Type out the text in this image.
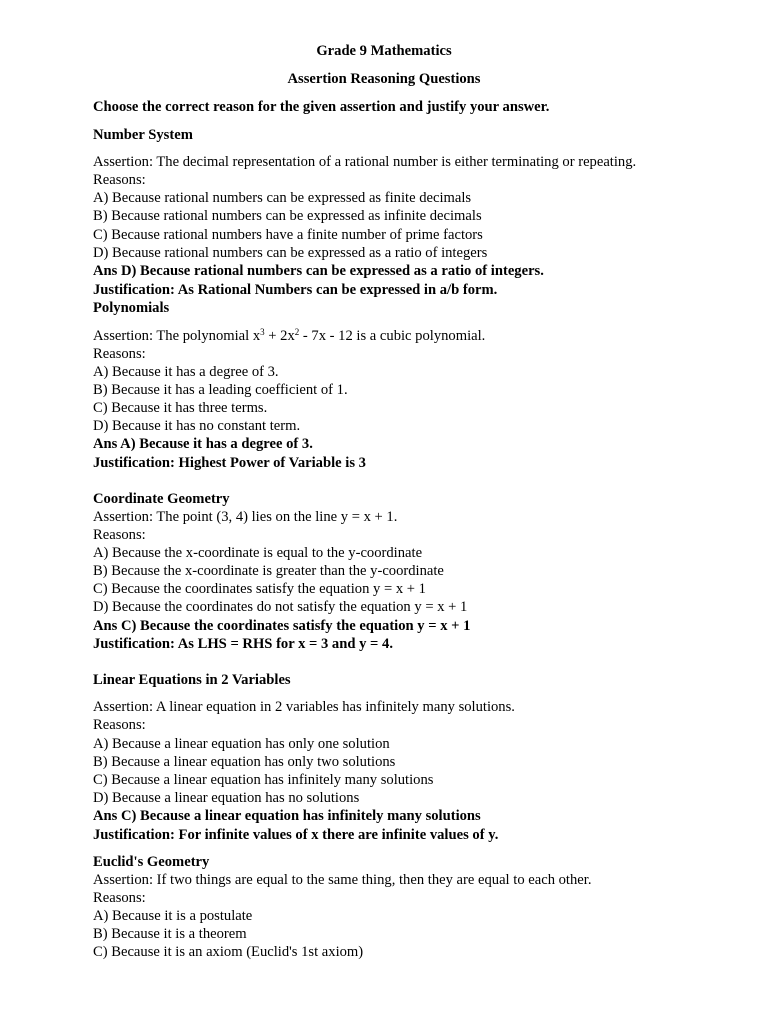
Grade 9 Mathematics
Assertion Reasoning Questions
Choose the correct reason for the given assertion and justify your answer.
Number System
Assertion: The decimal representation of a rational number is either terminating or repeating.
Reasons:
A) Because rational numbers can be expressed as finite decimals
B) Because rational numbers can be expressed as infinite decimals
C) Because rational numbers have a finite number of prime factors
D) Because rational numbers can be expressed as a ratio of integers
Ans D) Because rational numbers can be expressed as a ratio of integers.
Justification: As Rational Numbers can be expressed in a/b form.
Polynomials
Assertion: The polynomial $x^3 + 2x^2 - 7x - 12$ is a cubic polynomial.
Reasons:
A) Because it has a degree of 3.
B) Because it has a leading coefficient of 1.
C) Because it has three terms.
D) Because it has no constant term.
Ans A) Because it has a degree of 3.
Justification: Highest Power of Variable is 3
Coordinate Geometry
Assertion: The point (3, 4) lies on the line y = x + 1.
Reasons:
A) Because the x-coordinate is equal to the y-coordinate
B) Because the x-coordinate is greater than the y-coordinate
C) Because the coordinates satisfy the equation y = x + 1
D) Because the coordinates do not satisfy the equation y = x + 1
Ans C) Because the coordinates satisfy the equation y = x + 1
Justification: As LHS = RHS for x = 3 and y = 4.
Linear Equations in 2 Variables
Assertion: A linear equation in 2 variables has infinitely many solutions.
Reasons:
A) Because a linear equation has only one solution
B) Because a linear equation has only two solutions
C) Because a linear equation has infinitely many solutions
D) Because a linear equation has no solutions
Ans C) Because a linear equation has infinitely many solutions
Justification: For infinite values of x there are infinite values of y.
Euclid's Geometry
Assertion: If two things are equal to the same thing, then they are equal to each other.
Reasons:
A) Because it is a postulate
B) Because it is a theorem
C) Because it is an axiom (Euclid's 1st axiom)
